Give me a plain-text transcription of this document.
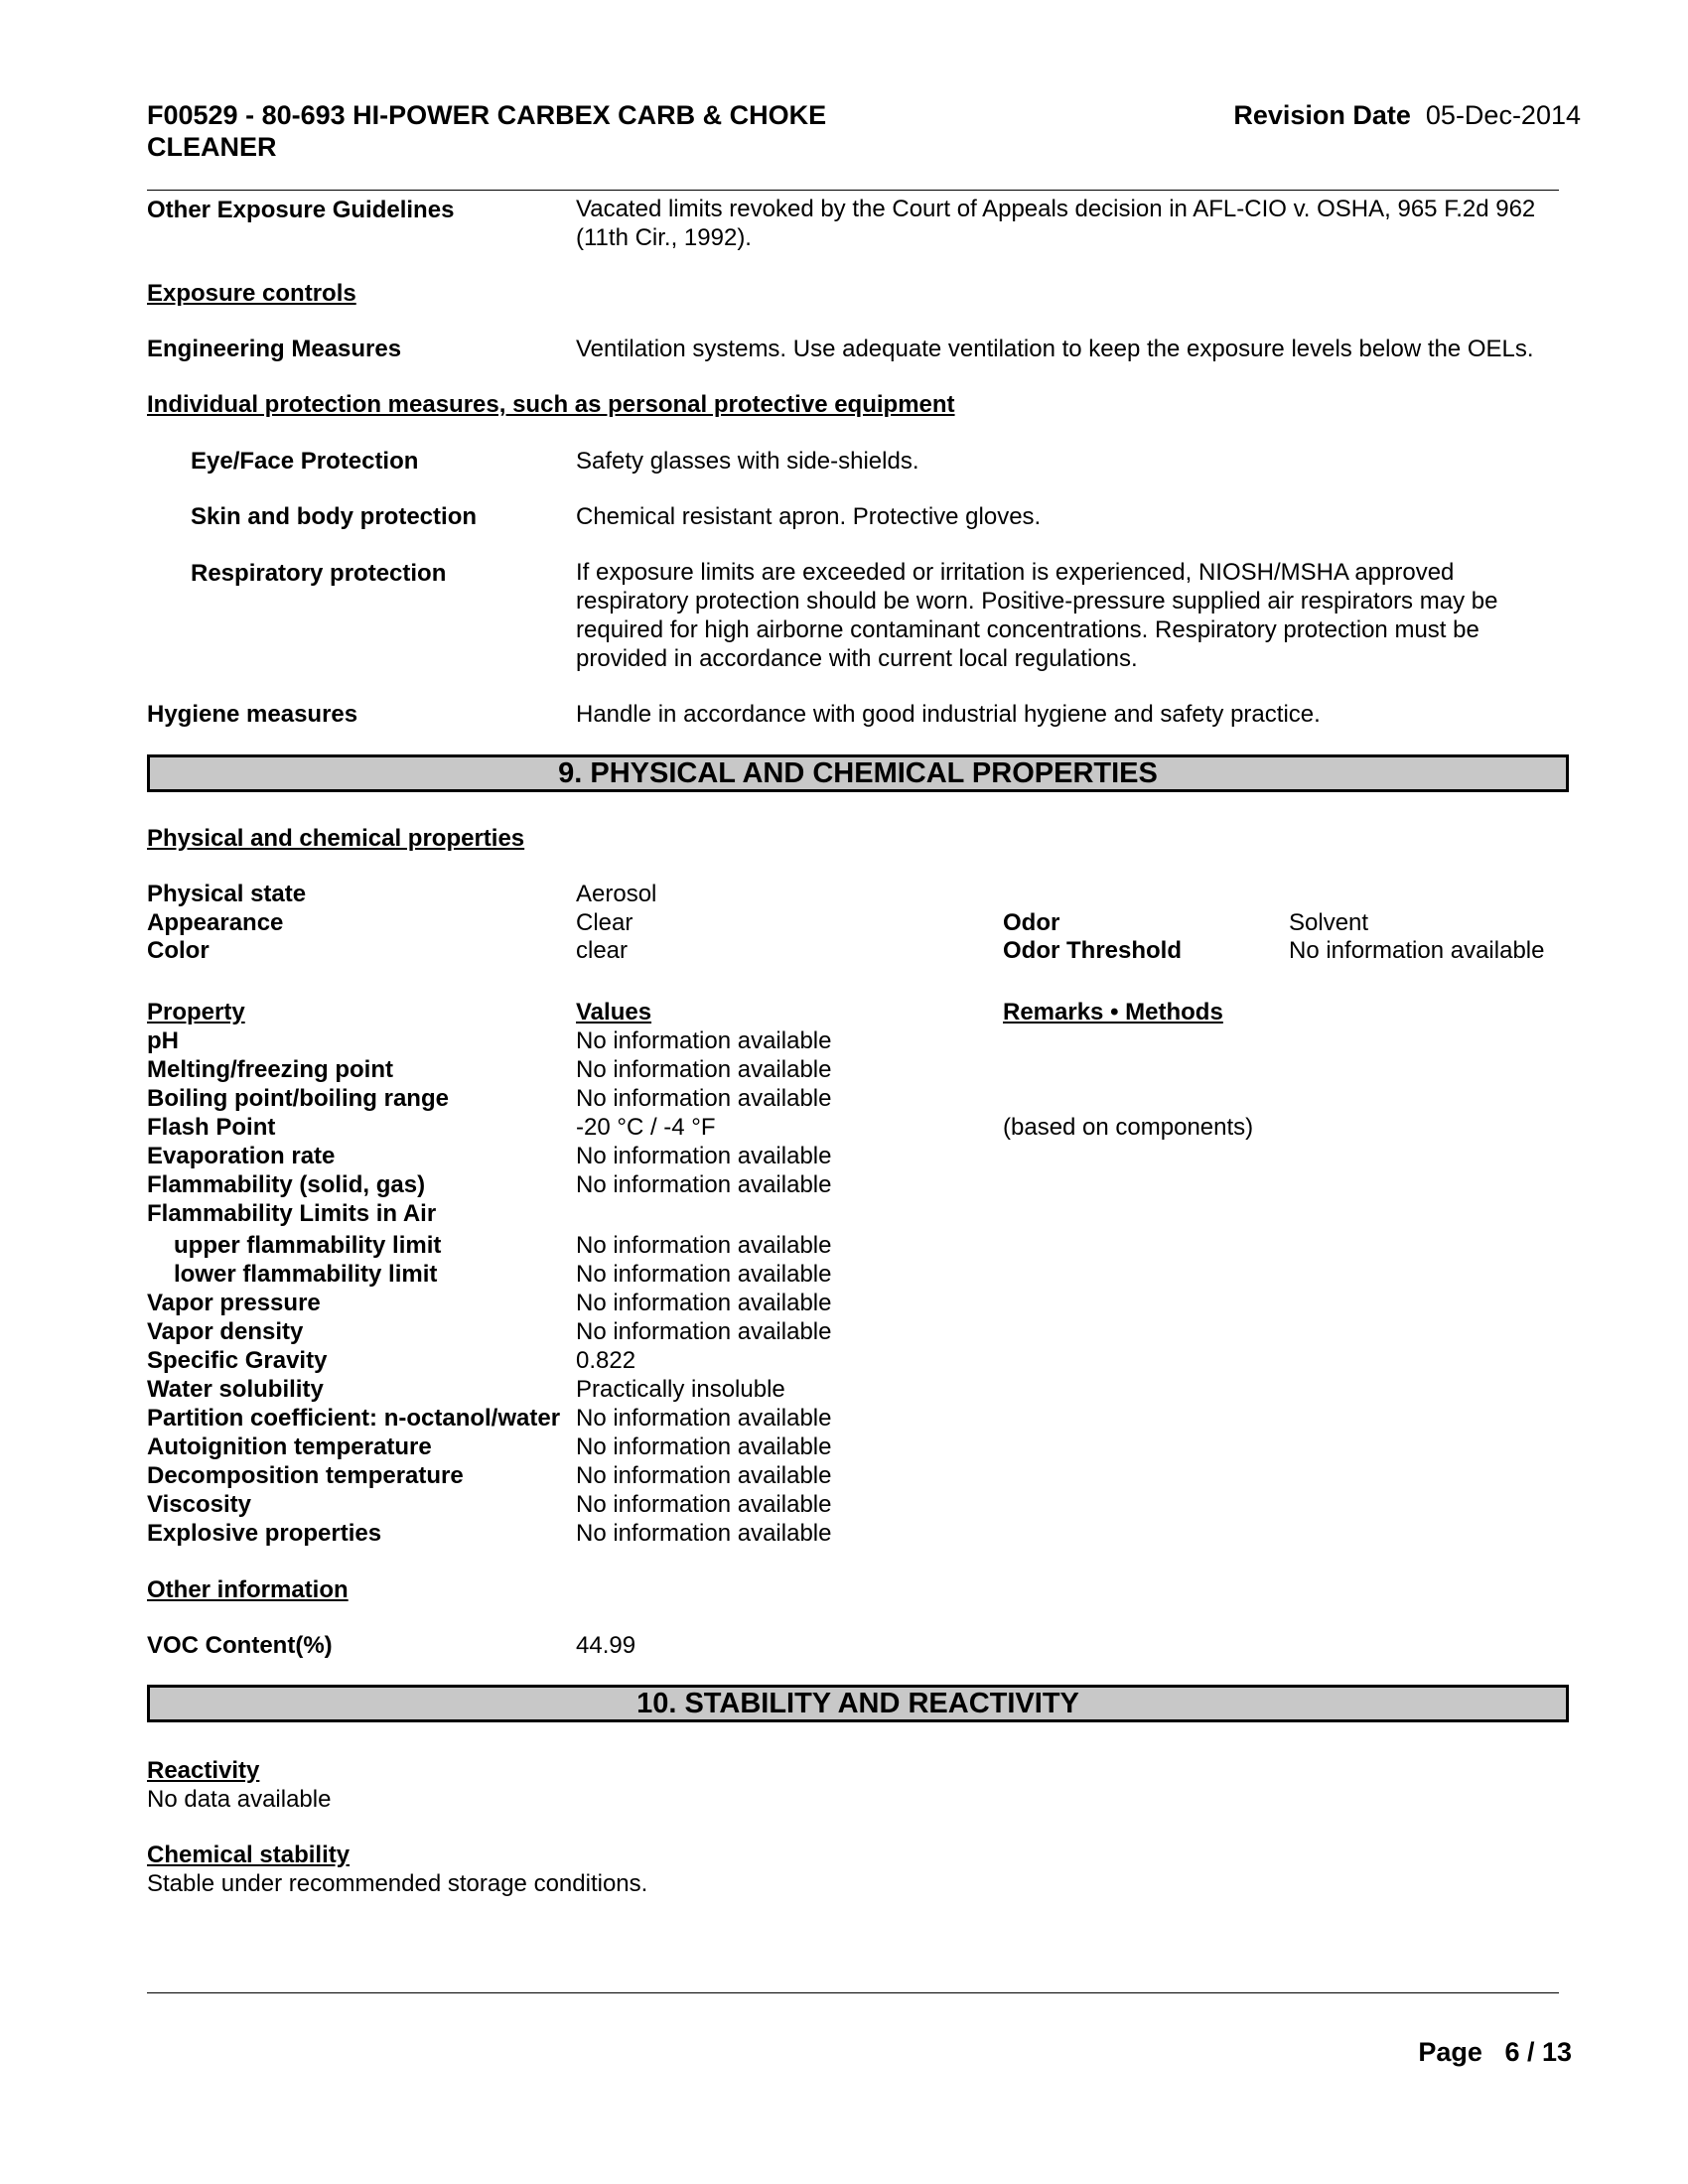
F00529 - 80-693 HI-POWER CARBEX CARB & CHOKE
CLEANER
Revision Date 05-Dec-2014
Other Exposure Guidelines	Vacated limits revoked by the Court of Appeals decision in AFL-CIO v. OSHA, 965 F.2d 962 (11th Cir., 1992).
Exposure controls
Engineering Measures	Ventilation systems. Use adequate ventilation to keep the exposure levels below the OELs.
Individual protection measures, such as personal protective equipment
Eye/Face Protection	Safety glasses with side-shields.
Skin and body protection	Chemical resistant apron. Protective gloves.
Respiratory protection	If exposure limits are exceeded or irritation is experienced, NIOSH/MSHA approved respiratory protection should be worn. Positive-pressure supplied air respirators may be required for high airborne contaminant concentrations. Respiratory protection must be provided in accordance with current local regulations.
Hygiene measures	Handle in accordance with good industrial hygiene and safety practice.
9. PHYSICAL AND CHEMICAL PROPERTIES
Physical and chemical properties
Physical state	Aerosol
Appearance	Clear	Odor	Solvent
Color	clear	Odor Threshold	No information available
Property	Values	Remarks • Methods
pH	No information available
Melting/freezing point	No information available
Boiling point/boiling range	No information available
Flash Point	-20 °C / -4 °F	(based on components)
Evaporation rate	No information available
Flammability (solid, gas)	No information available
Flammability Limits in Air
upper flammability limit	No information available
lower flammability limit	No information available
Vapor pressure	No information available
Vapor density	No information available
Specific Gravity	0.822
Water solubility	Practically insoluble
Partition coefficient: n-octanol/water No information available
Autoignition temperature	No information available
Decomposition temperature	No information available
Viscosity	No information available
Explosive properties	No information available
Other information
VOC Content(%)	44.99
10. STABILITY AND REACTIVITY
Reactivity
No data available
Chemical stability
Stable under recommended storage conditions.
Page 6 / 13
